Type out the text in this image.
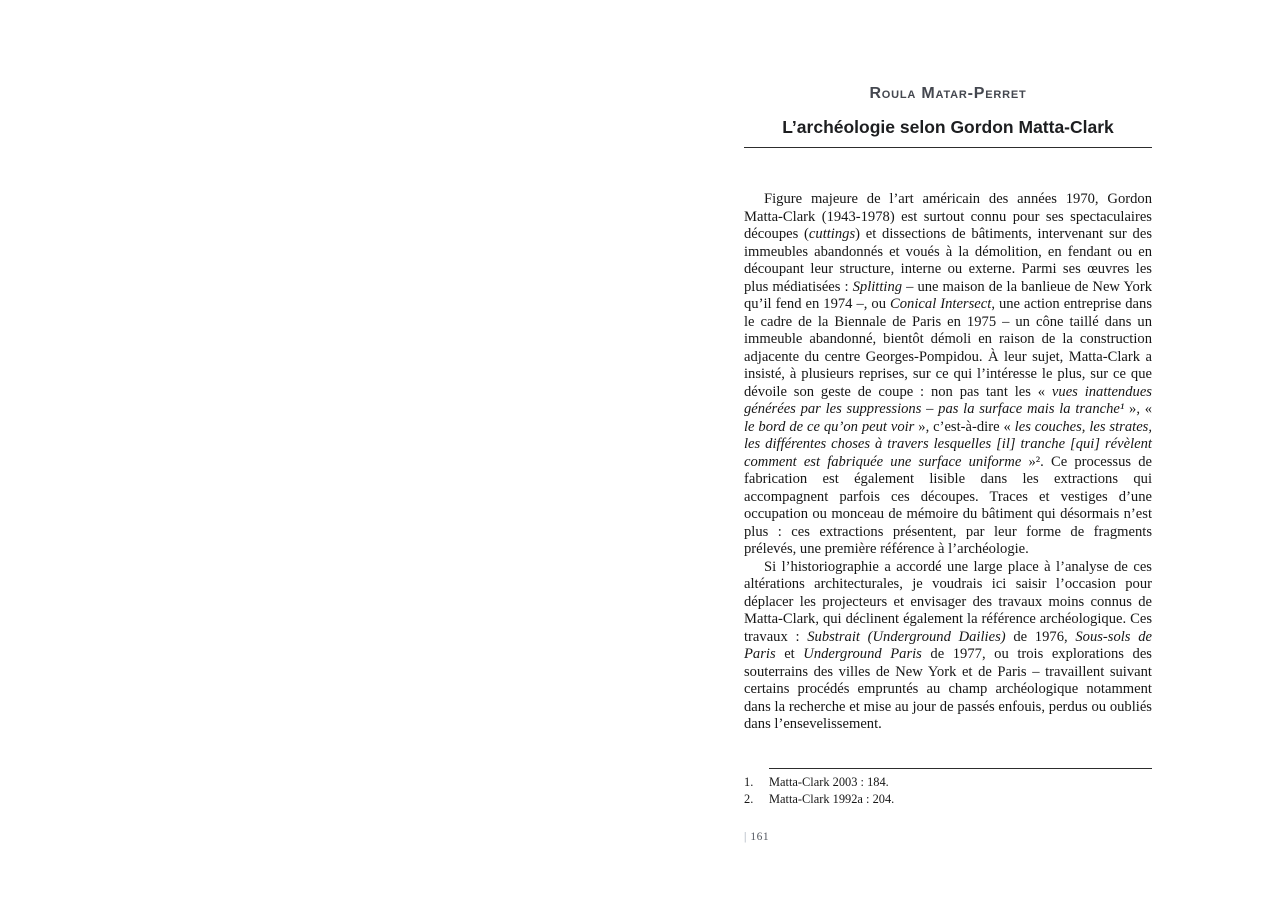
Roula Matar-Perret
L’archéologie selon Gordon Matta-Clark

Figure majeure de l’art américain des années 1970, Gordon Matta-Clark (1943-1978) est surtout connu pour ses spectaculaires découpes (cuttings) et dissections de bâtiments, intervenant sur des immeubles abandonnés et voués à la démolition, en fendant ou en découpant leur structure, interne ou externe. Parmi ses œuvres les plus médiatisées : Splitting – une maison de la banlieue de New York qu’il fend en 1974 –, ou Conical Intersect, une action entreprise dans le cadre de la Biennale de Paris en 1975 – un cône taillé dans un immeuble abandonné, bientôt démoli en raison de la construction adjacente du centre Georges-Pompidou. À leur sujet, Matta-Clark a insisté, à plusieurs reprises, sur ce qui l’intéresse le plus, sur ce que dévoile son geste de coupe : non pas tant les « vues inattendues générées par les suppressions – pas la surface mais la tranche¹ », « le bord de ce qu’on peut voir », c’est-à-dire « les couches, les strates, les différentes choses à travers lesquelles [il] tranche [qui] révèlent comment est fabriquée une surface uniforme »². Ce processus de fabrication est également lisible dans les extractions qui accompagnent parfois ces découpes. Traces et vestiges d’une occupation ou monceau de mémoire du bâtiment qui désormais n’est plus : ces extractions présentent, par leur forme de fragments prélevés, une première référence à l’archéologie.

Si l’historiographie a accordé une large place à l’analyse de ces altérations architecturales, je voudrais ici saisir l’occasion pour déplacer les projecteurs et envisager des travaux moins connus de Matta-Clark, qui déclinent également la référence archéologique. Ces travaux : Substrait (Underground Dailies) de 1976, Sous-sols de Paris et Underground Paris de 1977, ou trois explorations des souterrains des villes de New York et de Paris – travaillent suivant certains procédés empruntés au champ archéologique notamment dans la recherche et mise au jour de passés enfouis, perdus ou oubliés dans l’ensevelissement.

1.	Matta-Clark 2003 : 184.
2.	Matta-Clark 1992a : 204.
| 161
